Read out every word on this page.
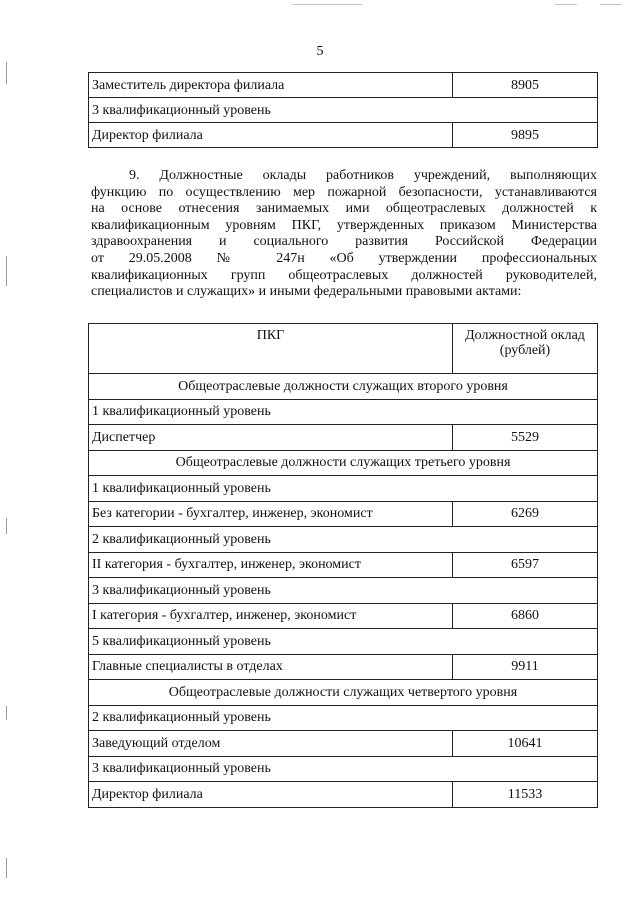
5
Заместитель директора филиала	8905
3 квалификационный уровень	
Директор филиала	9895
9. Должностные оклады работников учреждений, выполняющих
функцию по осуществлению мер пожарной безопасности, устанавливаются
на основе отнесения занимаемых ими общеотраслевых должностей к
квалификационным уровням ПКГ, утвержденных приказом Министерства
здравоохранения и социального развития Российской Федерации
от 29.05.2008 № 247н «Об утверждении профессиональных
квалификационных групп общеотраслевых должностей руководителей,
специалистов и служащих» и иными федеральными правовыми актами:
ПКГ	Должностной оклад
(рублей)
Общеотраслевые должности служащих второго уровня	
1 квалификационный уровень	
Диспетчер	5529
Общеотраслевые должности служащих третьего уровня	
1 квалификационный уровень	
Без категории - бухгалтер, инженер, экономист	6269
2 квалификационный уровень	
II категория - бухгалтер, инженер, экономист	6597
3 квалификационный уровень	
I категория - бухгалтер, инженер, экономист	6860
5 квалификационный уровень	
Главные специалисты в отделах	9911
Общеотраслевые должности служащих четвертого уровня	
2 квалификационный уровень	
Заведующий отделом	10641
3 квалификационный уровень	
Директор филиала	11533
